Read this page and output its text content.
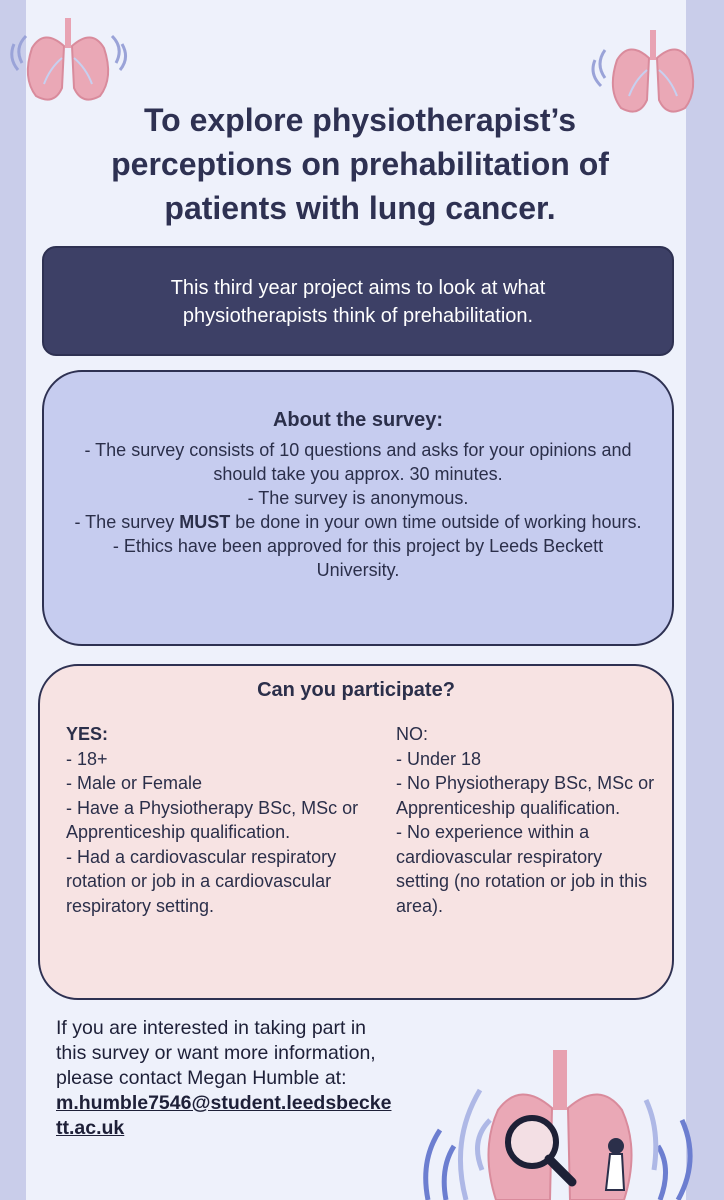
To explore physiotherapist’s perceptions on prehabilitation of patients with lung cancer.
This third year project aims to look at what physiotherapists think of prehabilitation.
About the survey:

- The survey consists of 10 questions and asks for your opinions and should take you approx. 30 minutes.

- The survey is anonymous.

- The survey MUST be done in your own time outside of working hours.

- Ethics have been approved for this project by Leeds Beckett University.

Can you participate?
YES:
- 18+
- Male or Female
- Have a Physiotherapy BSc, MSc or Apprenticeship qualification.
- Had a cardiovascular respiratory rotation or job in a cardiovascular respiratory setting.
NO:
- Under 18
- No Physiotherapy BSc, MSc or Apprenticeship qualification.
- No experience within a cardiovascular respiratory setting (no rotation or job in this area).
If you are interested in taking part in this survey or want more information, please contact Megan Humble at:
m.humble7546@student.leedsbeckett.ac.uk
